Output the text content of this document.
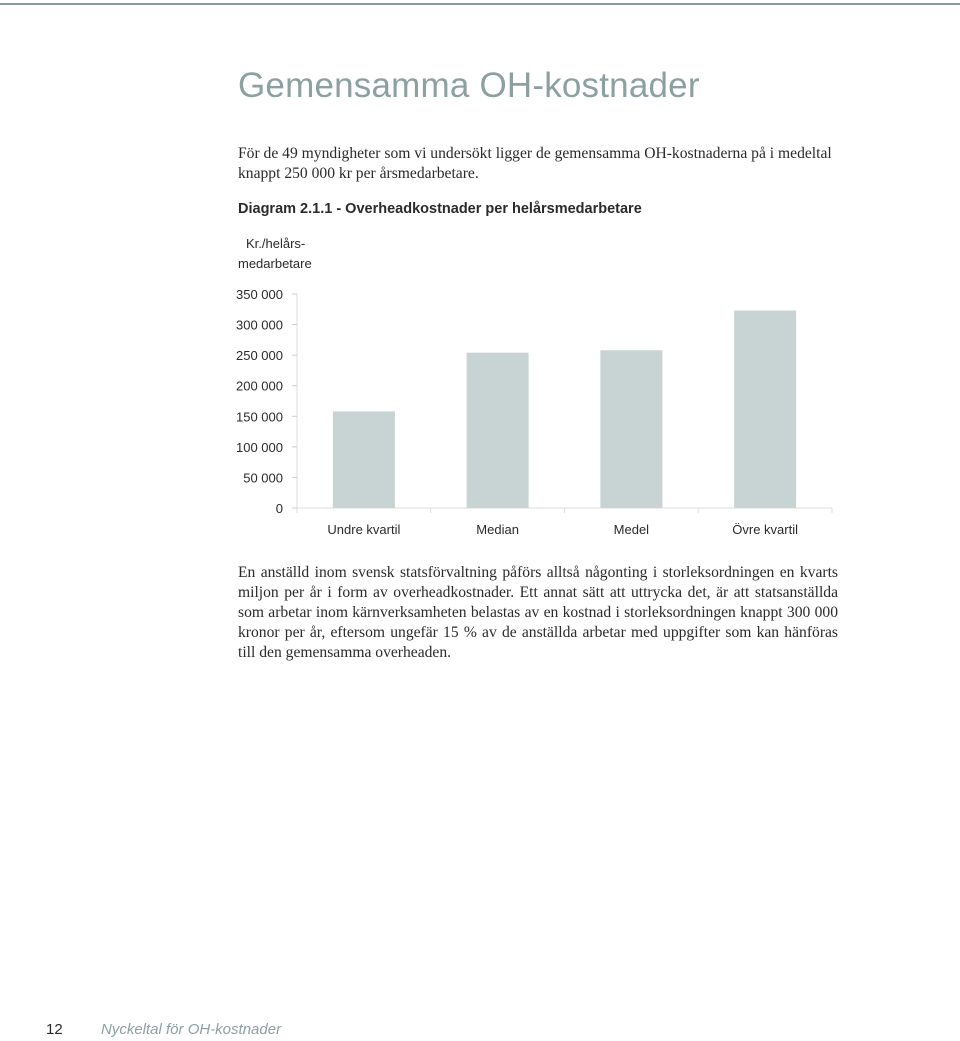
Gemensamma OH-kostnader

För de 49 myndigheter som vi undersökt ligger de gemensamma OH-kostnaderna på i medeltal knappt 250 000 kr per årsmedarbetare.

Diagram 2.1.1 - Overheadkostnader per helårsmedarbetare
Kr./helårs-
medarbetare
0
50 000
100 000
150 000
200 000
250 000
300 000
350 000
Undre kvartil	Median	Medel	Övre kvartil

En anställd inom svensk statsförvaltning påförs alltså någonting i storleksordningen en kvarts miljon per år i form av overheadkostnader. Ett annat sätt att uttrycka det, är att statsanställda som arbetar inom kärnverksamheten belastas av en kostnad i storleksordningen knappt 300 000 kronor per år, eftersom ungefär 15 % av de anställda arbetar med uppgifter som kan hänföras till den gemensamma overheaden.

12	Nyckeltal för OH-kostnader
